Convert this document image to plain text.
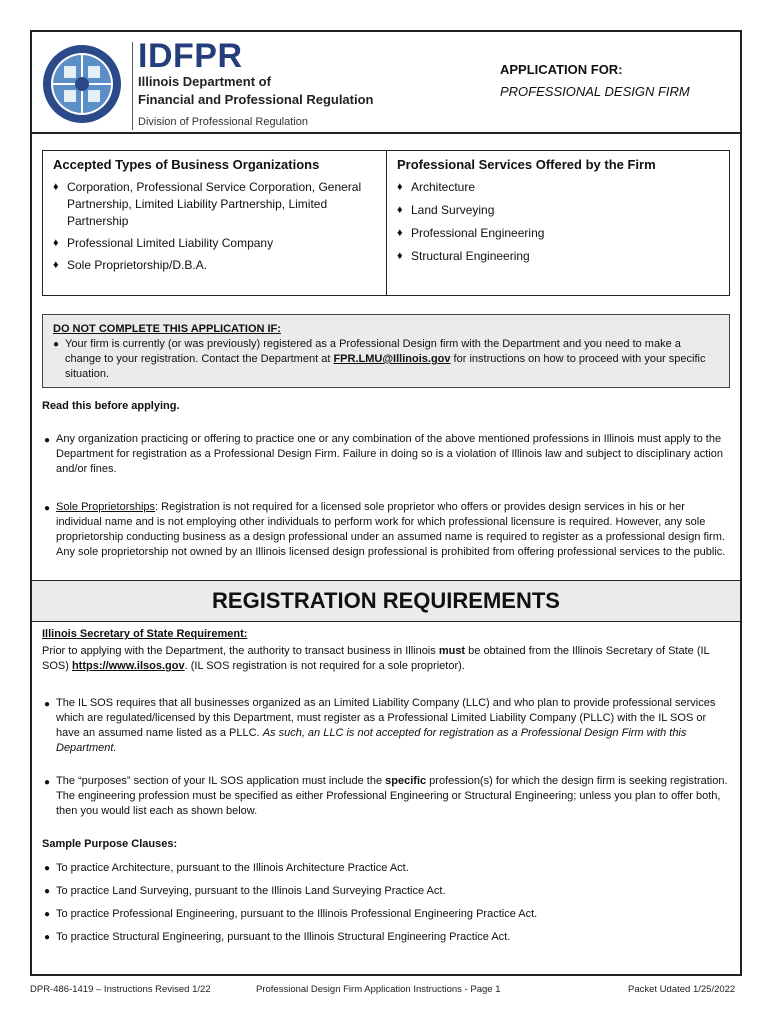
IDFPR
Illinois Department of
Financial and Professional Regulation
Division of Professional Regulation
APPLICATION FOR:
PROFESSIONAL DESIGN FIRM
Accepted Types of Business Organizations
♦ Corporation, Professional Service Corporation, General Partnership, Limited Liability Partnership, Limited Partnership
♦ Professional Limited Liability Company
♦ Sole Proprietorship/D.B.A.
Professional Services Offered by the Firm
♦ Architecture
♦ Land Surveying
♦ Professional Engineering
♦ Structural Engineering
DO NOT COMPLETE THIS APPLICATION IF:
● Your firm is currently (or was previously) registered as a Professional Design firm with the Department and you need to make a change to your registration. Contact the Department at FPR.LMU@Illinois.gov for instructions on how to proceed with your specific situation.
Read this before applying.
● Any organization practicing or offering to practice one or any combination of the above mentioned professions in Illinois must apply to the Department for registration as a Professional Design Firm. Failure in doing so is a violation of Illinois law and subject to disciplinary action and/or fines.
● Sole Proprietorships: Registration is not required for a licensed sole proprietor who offers or provides design services in his or her individual name and is not employing other individuals to perform work for which professional licensure is required. However, any sole proprietorship conducting business as a design professional under an assumed name is required to register as a professional design firm. Any sole proprietorship not owned by an Illinois licensed design professional is prohibited from offering professional services to the public.
REGISTRATION REQUIREMENTS
Illinois Secretary of State Requirement:
Prior to applying with the Department, the authority to transact business in Illinois must be obtained from the Illinois Secretary of State (IL SOS) https://www.ilsos.gov. (IL SOS registration is not required for a sole proprietor).
● The IL SOS requires that all businesses organized as an Limited Liability Company (LLC) and who plan to provide professional services which are regulated/licensed by this Department, must register as a Professional Limited Liability Company (PLLC) with the IL SOS or have an assumed name listed as a PLLC. As such, an LLC is not accepted for registration as a Professional Design Firm with this Department.
● The “purposes” section of your IL SOS application must include the specific profession(s) for which the design firm is seeking registration. The engineering profession must be specified as either Professional Engineering or Structural Engineering; unless you plan to offer both, then you would list each as shown below.
Sample Purpose Clauses:
● To practice Architecture, pursuant to the Illinois Architecture Practice Act.
● To practice Land Surveying, pursuant to the Illinois Land Surveying Practice Act.
● To practice Professional Engineering, pursuant to the Illinois Professional Engineering Practice Act.
● To practice Structural Engineering, pursuant to the Illinois Structural Engineering Practice Act.
DPR-486-1419 – Instructions Revised 1/22	Professional Design Firm Application Instructions - Page 1	Packet Udated 1/25/2022
